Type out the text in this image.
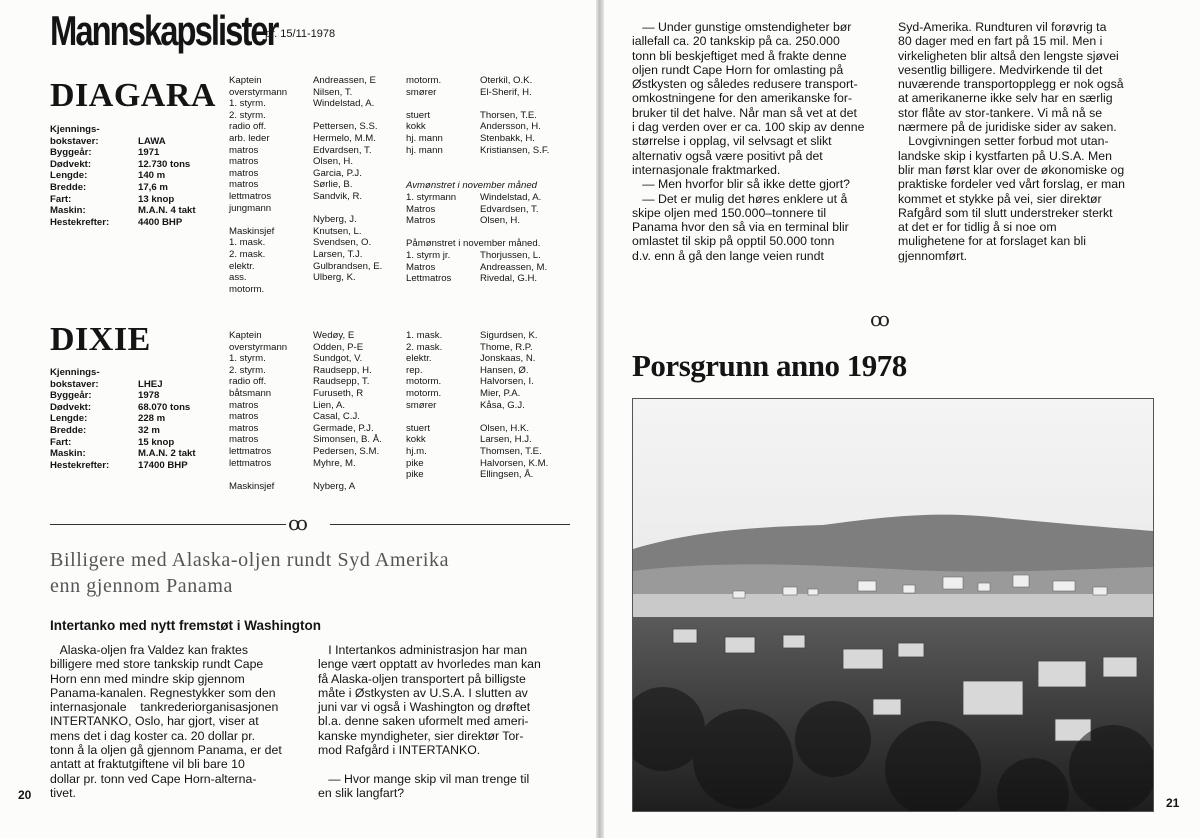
Mannskapslister
pr. 15/11-1978
DIAGARA
Kjennings-
bokstaver:
Byggeår:
Dødvekt:
Lengde:
Bredde:
Fart:
Maskin:
Hestekrefter:

LAWA
1971
12.730 tons
140 m
17,6 m
13 knop
M.A.N. 4 takt
4400 BHP
Kaptein
overstyrmann
1. styrm.
2. styrm.
radio off.
arb. leder
matros
matros
matros
matros
lettmatros
jungmann

Maskinsjef
1. mask.
2. mask.
elektr.
ass.
motorm.
Andreassen, E
Nilsen, T.
Windelstad, A.

Pettersen, S.S.
Hermelo, M.M.
Edvardsen, T.
Olsen, H.
Garcia, P.J.
Sørlie, B.
Sandvik, R.

Nyberg, J.
Knutsen, L.
Svendsen, O.
Larsen, T.J.
Gulbrandsen, E.
Ulberg, K.
motorm.
smører

stuert
kokk
hj. mann
hj. mann
Oterkil, O.K.
El-Sherif, H.

Thorsen, T.E.
Andersson, H.
Stenbakk, H.
Kristiansen, S.F.
Avmønstret i november måned
1. styrmann
Matros
Matros
Windelstad, A.
Edvardsen, T.
Olsen, H.
Påmønstret i november måned.
1. styrm jr.
Matros
Lettmatros
Thorjussen, L.
Andreassen, M.
Rivedal, G.H.
DIXIE
Kjennings-
bokstaver:
Byggeår:
Dødvekt:
Lengde:
Bredde:
Fart:
Maskin:
Hestekrefter:

LHEJ
1978
68.070 tons
228 m
32 m
15 knop
M.A.N. 2 takt
17400 BHP
Kaptein
overstyrmann
1. styrm.
2. styrm.
radio off.
båtsmann
matros
matros
matros
matros
lettmatros
lettmatros

Maskinsjef
Wedøy, E
Odden, P-E
Sundgot, V.
Raudsepp, H.
Raudsepp, T.
Furuseth, R
Lien, A.
Casal, C.J.
Germade, P.J.
Simonsen, B. Å.
Pedersen, S.M.
Myhre, M.

Nyberg, A
1. mask.
2. mask.
elektr.
rep.
motorm.
motorm.
smører

stuert
kokk
hj.m.
pike
pike
Sigurdsen, K.
Thome, R.P.
Jonskaas, N.
Hansen, Ø.
Halvorsen, I.
Mier, P.A.
Kåsa, G.J.

Olsen, H.K.
Larsen, H.J.
Thomsen, T.E.
Halvorsen, K.M.
Ellingsen, Å.
ꝏ
Billigere med Alaska-oljen rundt Syd Amerika
enn gjennom Panama
Intertanko med nytt fremstøt i Washington
Alaska-oljen fra Valdez kan fraktes
billigere med store tankskip rundt Cape
Horn enn med mindre skip gjennom
Panama-kanalen. Regnestykker som den
internasjonale    tankrederiorganisasjonen
INTERTANKO, Oslo, har gjort, viser at
mens det i dag koster ca. 20 dollar pr.
tonn å la oljen gå gjennom Panama, er det
antatt at fraktutgiftene vil bli bare 10
dollar pr. tonn ved Cape Horn-alterna-
tivet.
I Intertankos administrasjon har man
lenge vært opptatt av hvorledes man kan
få Alaska-oljen transportert på billigste
måte i Østkysten av U.S.A. I slutten av
juni var vi også i Washington og drøftet
bl.a. denne saken uformelt med ameri-
kanske myndigheter, sier direktør Tor-
mod Rafgård i INTERTANKO.

— Hvor mange skip vil man trenge til
en slik langfart?
20
— Under gunstige omstendigheter bør
iallefall ca. 20 tankskip på ca. 250.000
tonn bli beskjeftiget med å frakte denne
oljen rundt Cape Horn for omlasting på
Østkysten og således redusere transport-
omkostningene for den amerikanske for-
bruker til det halve. Når man så vet at det
i dag verden over er ca. 100 skip av denne
størrelse i opplag, vil selvsagt et slikt
alternativ også være positivt på det
internasjonale fraktmarked.
— Men hvorfor blir så ikke dette gjort?
— Det er mulig det høres enklere ut å
skipe oljen med 150.000–tonnere til
Panama hvor den så via en terminal blir
omlastet til skip på opptil 50.000 tonn
d.v. enn å gå den lange veien rundt
Syd-Amerika. Rundturen vil forøvrig ta
80 dager med en fart på 15 mil. Men i
virkeligheten blir altså den lengste sjøvei
vesentlig billigere. Medvirkende til det
nuværende transportopplegg er nok også
at amerikanerne ikke selv har en særlig
stor flåte av stor-tankere. Vi må nå se
nærmere på de juridiske sider av saken.
Lovgivningen setter forbud mot utan-
landske skip i kystfarten på U.S.A. Men
blir man først klar over de økonomiske og
praktiske fordeler ved vårt forslag, er man
kommet et stykke på vei, sier direktør
Rafgård som til slutt understreker sterkt
at det er for tidlig å si noe om
mulighetene for at forslaget kan bli
gjennomført.
ꝏ
Porsgrunn anno 1978
21
